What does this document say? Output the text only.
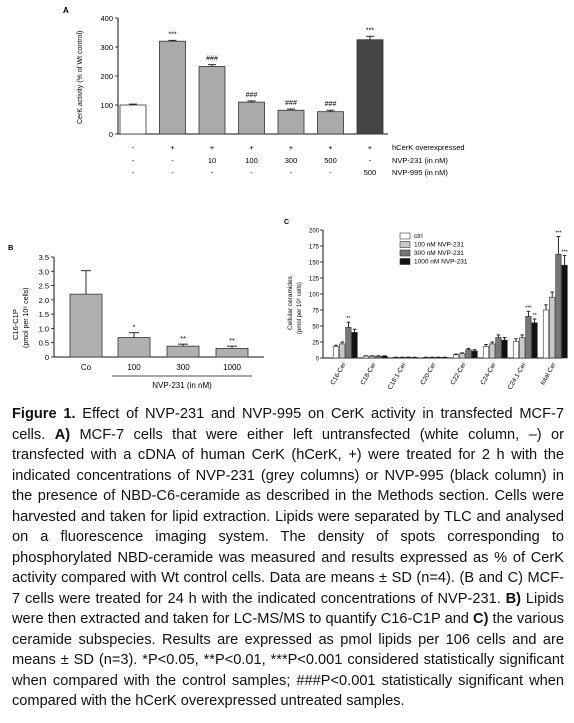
A
0
100
200
300
400
CerK activity (% of Wt control)	***
###
###
###	###
***
-	+	+	+	+	+	+	hCerK overexpressed
-	-	10	100	300	500	-	NVP-231 (in nM)
-	-	-	-	-	-	500 NVP-995 (in nM)
B
0
0.5
1.0
1.5
2.0
2.5
3.0
3.5
C16-C1P (pmol per 10⁶ cells)
Co
*
100
**
300
**
1000
NVP-231 (in nM)
C
0
25
50
75
100
125
150
175
200
Cellular ceramides (pmol per 10⁶ cells)	**
***
**
***
***
C16-Cer C18-Cer C18:1-Cer C20-Cer C22-Cer C24-Cer C24:1-Cer total Cer
ctrl
100 nM NVP-231
300 nM NVP-231
1000 nM NVP-231
Figure 1. Effect of NVP-231 and NVP-995 on CerK activity in transfected MCF-7 cells. A) MCF-7 cells that were either left untransfected (white column, –) or transfected with a cDNA of human CerK (hCerK, +) were treated for 2 h with the indicated concentrations of NVP-231 (grey columns) or NVP-995 (black column) in the presence of NBD-C6-ceramide as described in the Methods section. Cells were harvested and taken for lipid extraction. Lipids were separated by TLC and analysed on a fluorescence imaging system. The density of spots corresponding to phosphorylated NBD-ceramide was measured and results expressed as % of CerK activity compared with Wt control cells. Data are means ± SD (n=4). (B and C) MCF-7 cells were treated for 24 h with the indicated concentrations of NVP-231. B) Lipids were then extracted and taken for LC-MS/MS to quantify C16-C1P and C) the various ceramide subspecies. Results are expressed as pmol lipids per 106 cells and are means ± SD (n=3). *P<0.05, **P<0.01, ***P<0.001 considered statistically significant when compared with the control samples; ###P<0.001 statistically significant when compared with the hCerK overexpressed untreated samples.
